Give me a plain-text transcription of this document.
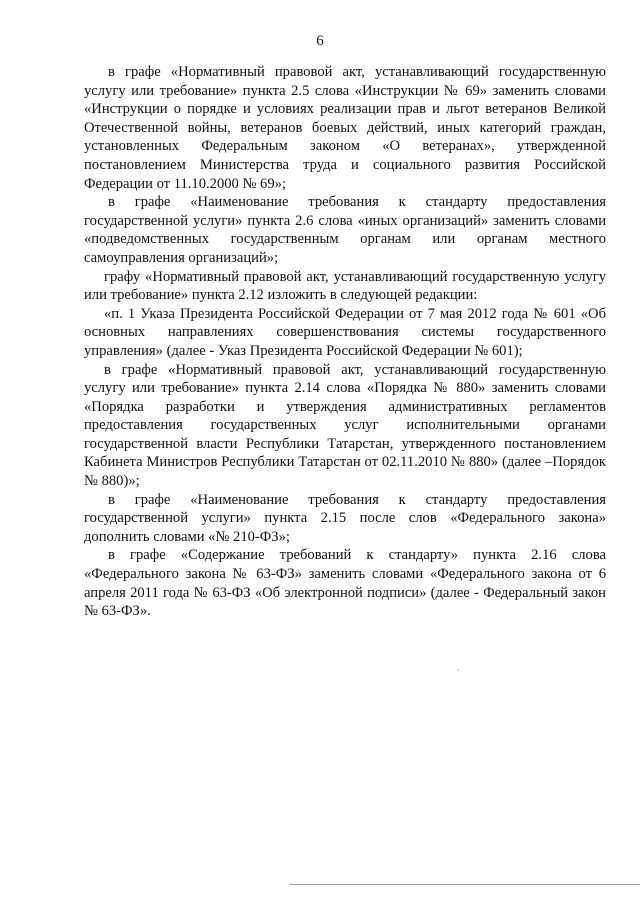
6

в графе «Нормативный правовой акт, устанавливающий государственную услугу или требование» пункта 2.5 слова «Инструкции № 69» заменить словами «Инструкции о порядке и условиях реализации прав и льгот ветеранов Великой Отечественной войны, ветеранов боевых действий, иных категорий граждан, установленных Федеральным законом «О ветеранах», утвержденной постановлением Министерства труда и социального развития Российской Федерации от 11.10.2000 № 69»;

в графе «Наименование требования к стандарту предоставления государственной услуги» пункта 2.6 слова «иных организаций» заменить словами «подведомственных государственным органам или органам местного самоуправления организаций»;

графу «Нормативный правовой акт, устанавливающий государственную услугу или требование» пункта 2.12 изложить в следующей редакции:

«п. 1 Указа Президента Российской Федерации от 7 мая 2012 года № 601 «Об основных направлениях совершенствования системы государственного управления» (далее - Указ Президента Российской Федерации № 601);

в графе «Нормативный правовой акт, устанавливающий государственную услугу или требование» пункта 2.14 слова «Порядка № 880» заменить словами «Порядка разработки и утверждения административных регламентов предоставления государственных услуг исполнительными органами государственной власти Республики Татарстан, утвержденного постановлением Кабинета Министров Республики Татарстан от 02.11.2010 № 880» (далее –Порядок № 880)»;

в графе «Наименование требования к стандарту предоставления государственной услуги» пункта 2.15 после слов «Федерального закона» дополнить словами «№ 210-ФЗ»;

в графе «Содержание требований к стандарту» пункта 2.16 слова «Федерального закона № 63-ФЗ» заменить словами «Федерального закона от 6 апреля 2011 года № 63-ФЗ «Об электронной подписи» (далее - Федеральный закон № 63-ФЗ».
